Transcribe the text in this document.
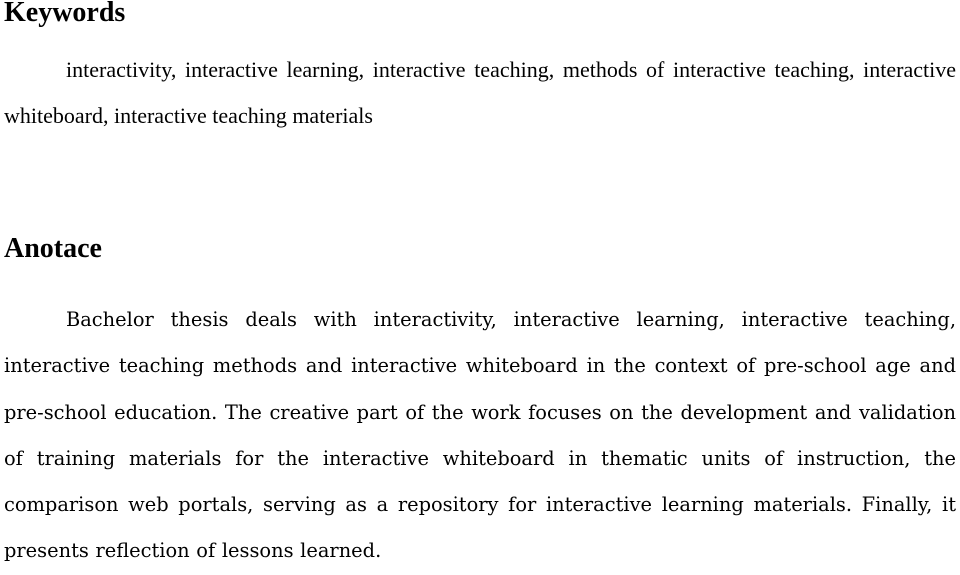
Keywords

interactivity, interactive learning, interactive teaching, methods of interactive teaching, interactive whiteboard, interactive teaching materials

Anotace

Bachelor thesis deals with interactivity, interactive learning, interactive teaching, interactive teaching methods and interactive whiteboard in the context of pre-school age and pre-school education. The creative part of the work focuses on the development and validation of training materials for the interactive whiteboard in thematic units of instruction, the comparison web portals, serving as a repository for interactive learning materials. Finally, it presents reflection of lessons learned.
